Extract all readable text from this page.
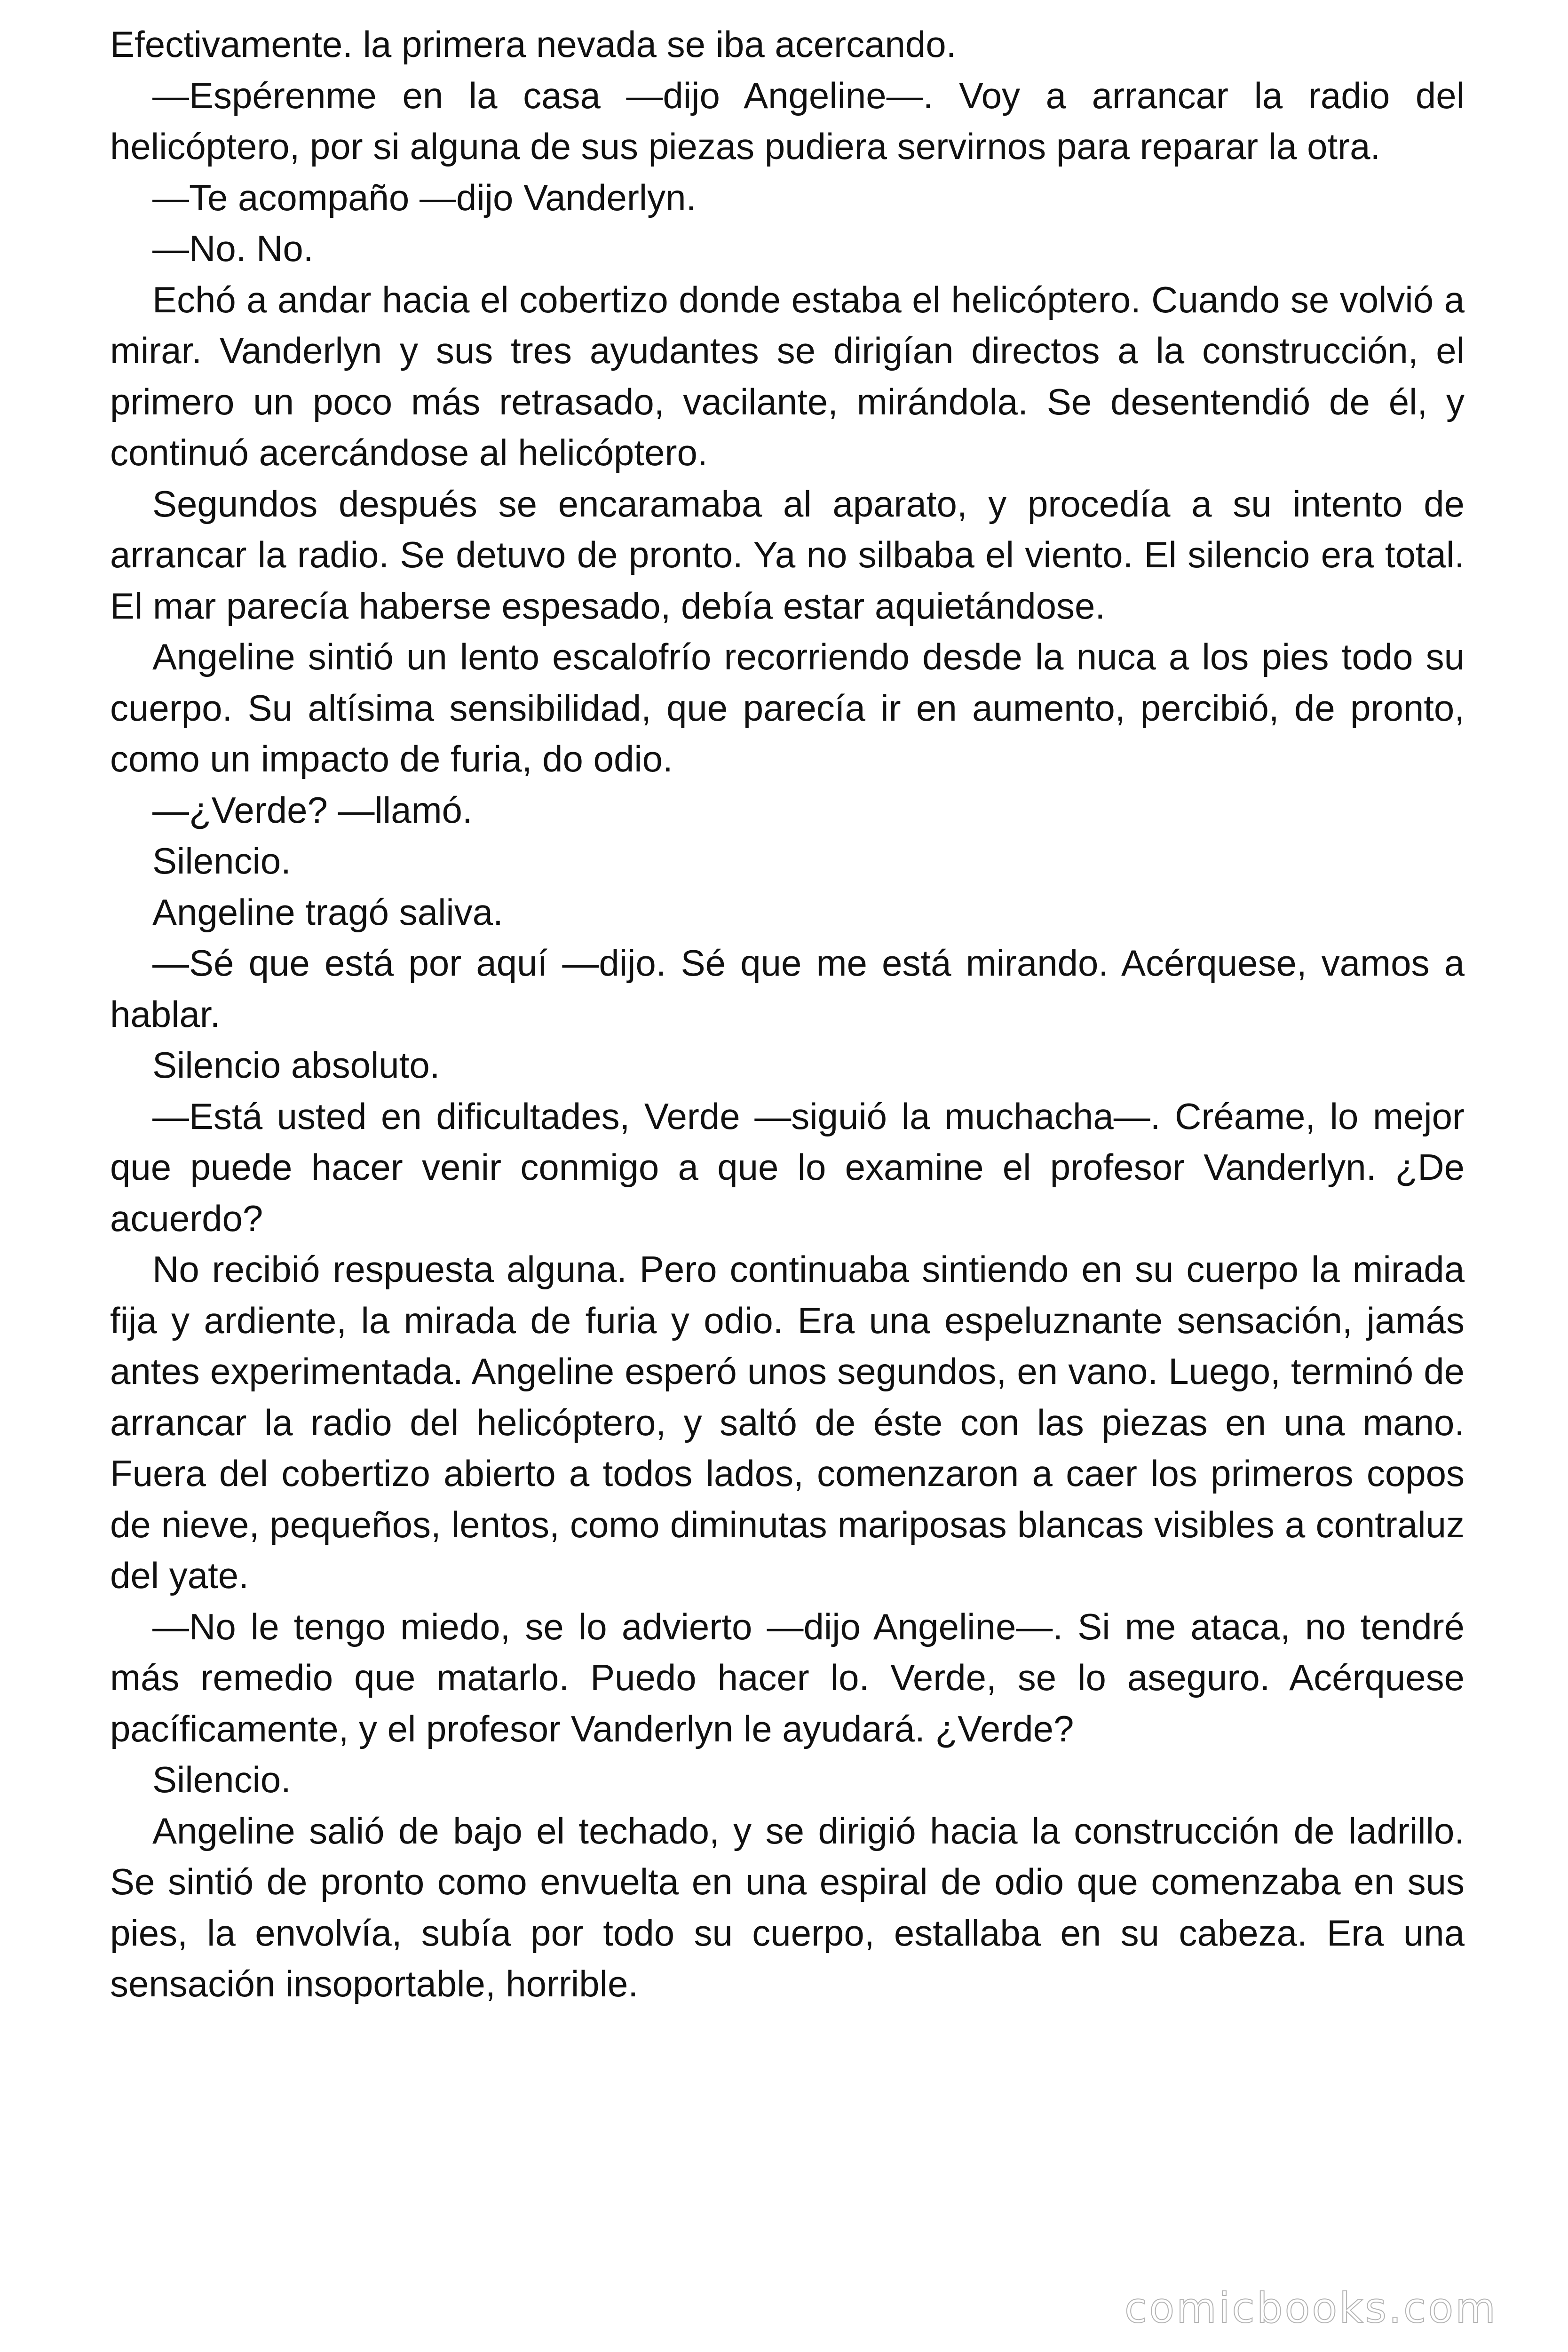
Efectivamente. la primera nevada se iba acercando.

—Espérenme en la casa —dijo Angeline—. Voy a arrancar la radio del helicóptero, por si alguna de sus piezas pudiera servirnos para reparar la otra.

—Te acompaño —dijo Vanderlyn.

—No. No.

Echó a andar hacia el cobertizo donde estaba el helicóptero. Cuando se volvió a mirar. Vanderlyn y sus tres ayudantes se dirigían directos a la construcción, el primero un poco más retrasado, vacilante, mirándola. Se desentendió de él, y continuó acercándose al helicóptero.

Segundos después se encaramaba al aparato, y procedía a su intento de arrancar la radio. Se detuvo de pronto. Ya no silbaba el viento. El silencio era total. El mar parecía haberse espesado, debía estar aquietándose.

Angeline sintió un lento escalofrío recorriendo desde la nuca a los pies todo su cuerpo. Su altísima sensibilidad, que parecía ir en aumento, percibió, de pronto, como un impacto de furia, do odio.

—¿Verde? —llamó.

Silencio.

Angeline tragó saliva.

—Sé que está por aquí —dijo. Sé que me está mirando. Acérquese, vamos a hablar.

Silencio absoluto.

—Está usted en dificultades, Verde —siguió la muchacha—. Créame, lo mejor que puede hacer venir conmigo a que lo examine el profesor Vanderlyn. ¿De acuerdo?

No recibió respuesta alguna. Pero continuaba sintiendo en su cuerpo la mirada fija y ardiente, la mirada de furia y odio. Era una espeluznante sensación, jamás antes experimentada. Angeline esperó unos segundos, en vano. Luego, terminó de arrancar la radio del helicóptero, y saltó de éste con las piezas en una mano. Fuera del cobertizo abierto a todos lados, comenzaron a caer los primeros copos de nieve, pequeños, lentos, como diminutas mariposas blancas visibles a contraluz del yate.

—No le tengo miedo, se lo advierto —dijo Angeline—. Si me ataca, no tendré más remedio que matarlo. Puedo hacer lo. Verde, se lo aseguro. Acérquese pacíficamente, y el profesor Vanderlyn le ayudará. ¿Verde?

Silencio.

Angeline salió de bajo el techado, y se dirigió hacia la construcción de ladrillo. Se sintió de pronto como envuelta en una espiral de odio que comenzaba en sus pies, la envolvía, subía por todo su cuerpo, estallaba en su cabeza. Era una sensación insoportable, horrible.

comicbooks.com
